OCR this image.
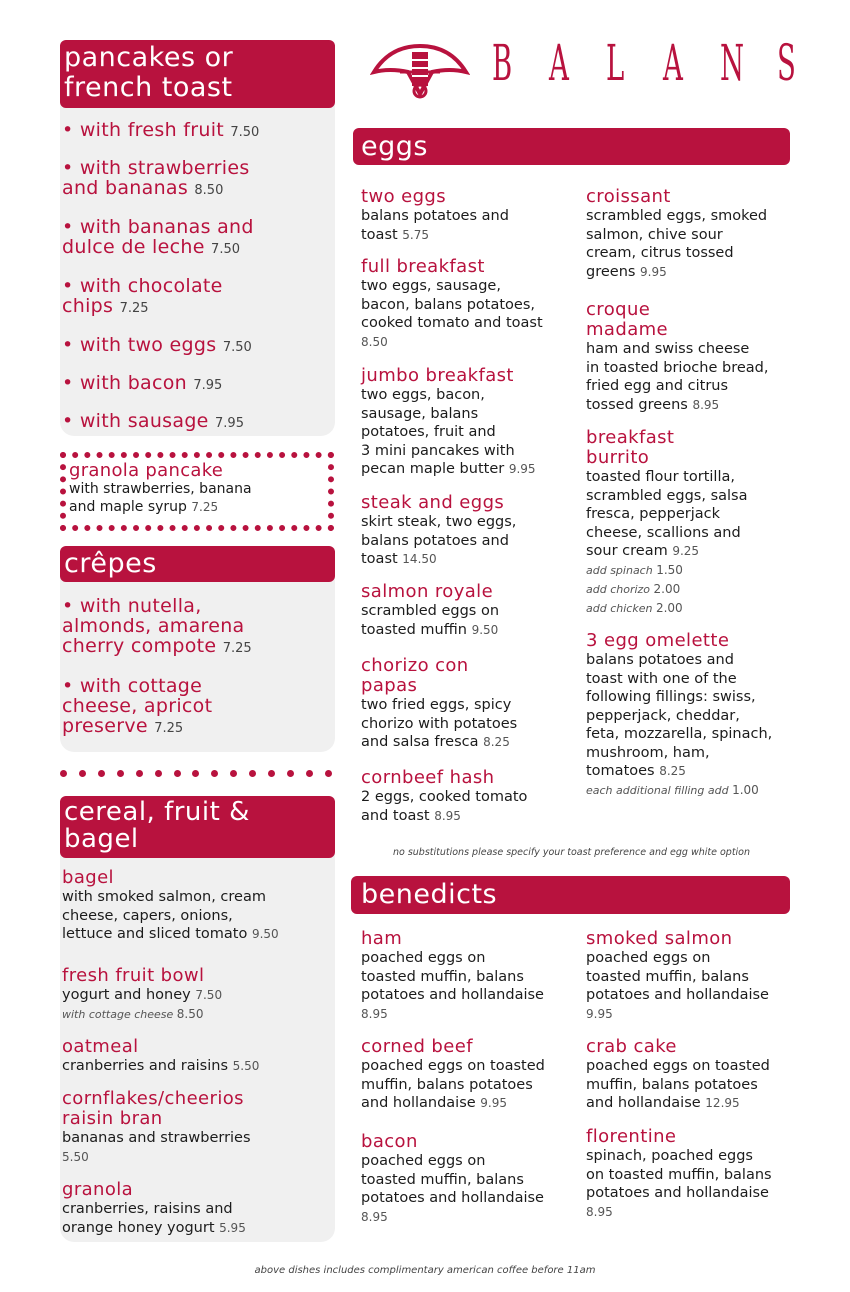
pancakes or
french toast
• with fresh fruit 7.50
• with strawberries
and bananas 8.50
• with bananas and
dulce de leche 7.50
• with chocolate
chips 7.25
• with two eggs 7.50
• with bacon 7.95
• with sausage 7.95
granola pancake
with strawberries, banana
and maple syrup 7.25
crêpes
• with nutella,
almonds, amarena
cherry compote 7.25
• with cottage
cheese, apricot
preserve 7.25
cereal, fruit &
bagel
bagel
with smoked salmon, cream
cheese, capers, onions,
lettuce and sliced tomato 9.50
fresh fruit bowl
yogurt and honey 7.50
with cottage cheese 8.50
oatmeal
cranberries and raisins 5.50
cornflakes/cheerios
raisin bran
bananas and strawberries
5.50
granola
cranberries, raisins and
orange honey yogurt 5.95
B A L A N S
eggs
two eggs
balans potatoes and
toast 5.75
full breakfast
two eggs, sausage,
bacon, balans potatoes,
cooked tomato and toast
8.50
jumbo breakfast
two eggs, bacon,
sausage, balans
potatoes, fruit and
3 mini pancakes with
pecan maple butter 9.95
steak and eggs
skirt steak, two eggs,
balans potatoes and
toast 14.50
salmon royale
scrambled eggs on
toasted muffin 9.50
chorizo con
papas
two fried eggs, spicy
chorizo with potatoes
and salsa fresca 8.25
cornbeef hash
2 eggs, cooked tomato
and toast 8.95
croissant
scrambled eggs, smoked
salmon, chive sour
cream, citrus tossed
greens 9.95
croque
madame
ham and swiss cheese
in toasted brioche bread,
fried egg and citrus
tossed greens 8.95
breakfast
burrito
toasted flour tortilla,
scrambled eggs, salsa
fresca, pepperjack
cheese, scallions and
sour cream 9.25
add spinach 1.50
add chorizo 2.00
add chicken 2.00
3 egg omelette
balans potatoes and
toast with one of the
following fillings: swiss,
pepperjack, cheddar,
feta, mozzarella, spinach,
mushroom, ham,
tomatoes 8.25
each additional filling add 1.00
no substitutions please specify your toast preference and egg white option
benedicts
ham
poached eggs on
toasted muffin, balans
potatoes and hollandaise
8.95
corned beef
poached eggs on toasted
muffin, balans potatoes
and hollandaise 9.95
bacon
poached eggs on
toasted muffin, balans
potatoes and hollandaise
8.95
smoked salmon
poached eggs on
toasted muffin, balans
potatoes and hollandaise
9.95
crab cake
poached eggs on toasted
muffin, balans potatoes
and hollandaise 12.95
florentine
spinach, poached eggs
on toasted muffin, balans
potatoes and hollandaise
8.95
above dishes includes complimentary american coffee before 11am
